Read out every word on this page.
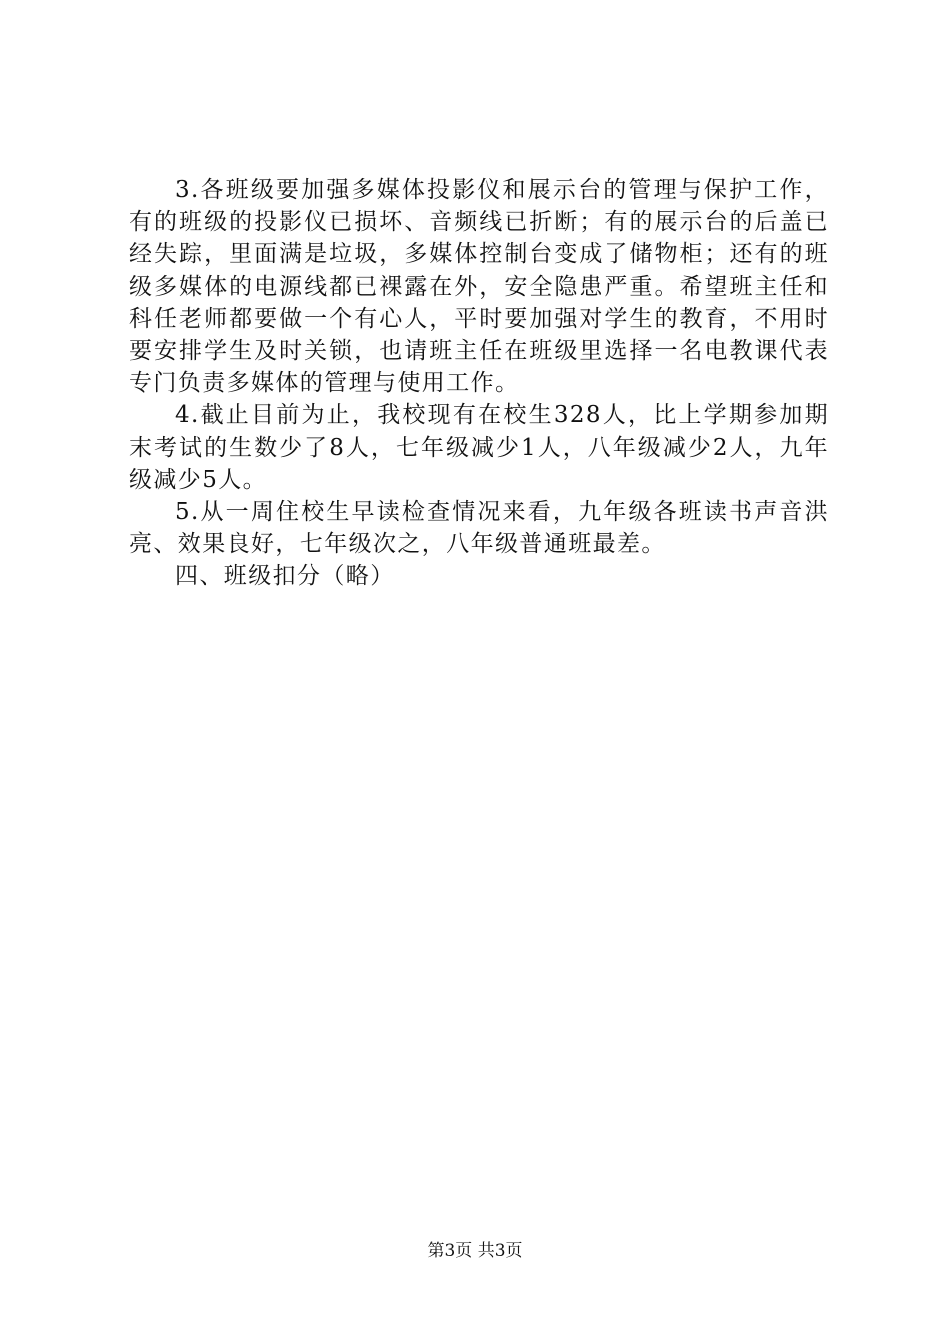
3.各班级要加强多媒体投影仪和展示台的管理与保护工作，有的班级的投影仪已损坏、音频线已折断；有的展示台的后盖已经失踪，里面满是垃圾，多媒体控制台变成了储物柜；还有的班级多媒体的电源线都已裸露在外，安全隐患严重。希望班主任和科任老师都要做一个有心人，平时要加强对学生的教育，不用时要安排学生及时关锁，也请班主任在班级里选择一名电教课代表专门负责多媒体的管理与使用工作。

4.截止目前为止，我校现有在校生328人，比上学期参加期末考试的生数少了8人，七年级减少1人，八年级减少2人，九年级减少5人。

5.从一周住校生早读检查情况来看，九年级各班读书声音洪亮、效果良好，七年级次之，八年级普通班最差。

四、班级扣分（略）

第3页 共3页
